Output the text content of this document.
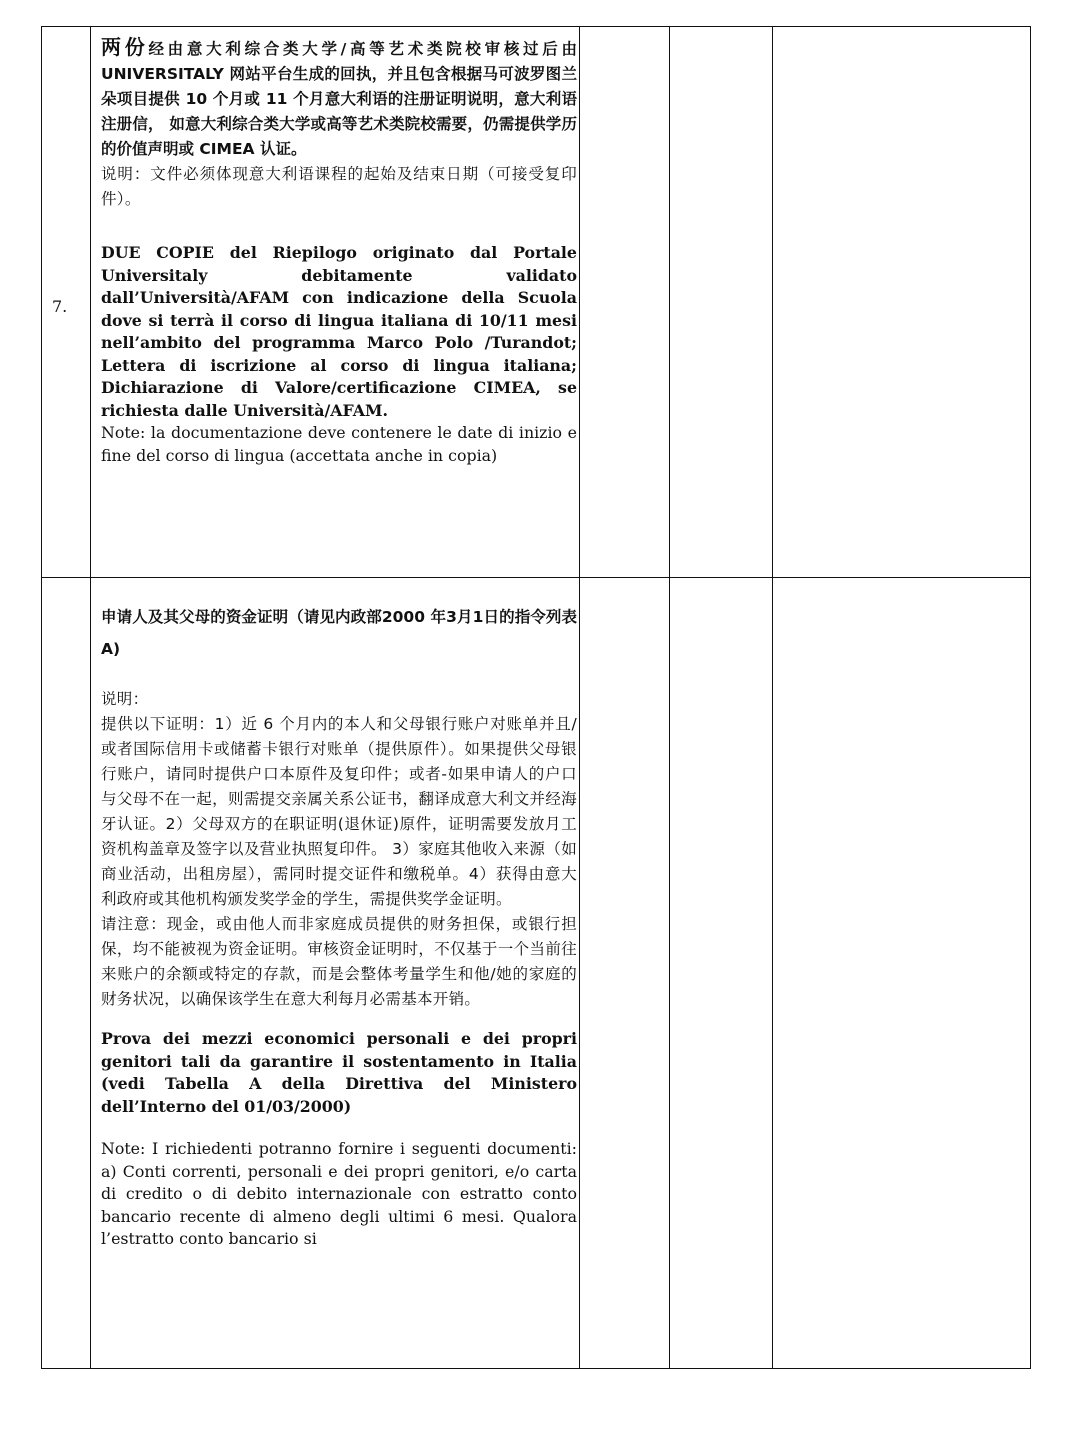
7.

两份经由意大利综合类大学/高等艺术类院校审核过后由 UNIVERSITALY 网站平台生成的回执，并且包含根据马可波罗图兰朵项目提供 10 个月或 11 个月意大利语的注册证明说明，意大利语注册信， 如意大利综合类大学或高等艺术类院校需要，仍需提供学历的价值声明或 CIMEA 认证。

说明：文件必须体现意大利语课程的起始及结束日期（可接受复印件）。

DUE COPIE del Riepilogo originato dal Portale Universitaly debitamente validato dall’Università/AFAM con indicazione della Scuola dove si terrà il corso di lingua italiana di 10/11 mesi nell’ambito del programma Marco Polo /Turandot; Lettera di iscrizione al corso di lingua italiana; Dichiarazione di Valore/certificazione CIMEA, se richiesta dalle Università/AFAM.

Note: la documentazione deve contenere le date di inizio e fine del corso di lingua (accettata anche in copia)

申请人及其父母的资金证明（请见内政部2000 年3月1日的指令列表A)

说明：

提供以下证明：1）近 6 个月内的本人和父母银行账户对账单并且/或者国际信用卡或储蓄卡银行对账单（提供原件）。如果提供父母银行账户，请同时提供户口本原件及复印件；或者-如果申请人的户口与父母不在一起，则需提交亲属关系公证书，翻译成意大利文并经海牙认证。2）父母双方的在职证明(退休证)原件，证明需要发放月工资机构盖章及签字以及营业执照复印件。 3）家庭其他收入来源（如商业活动，出租房屋），需同时提交证件和缴税单。4）获得由意大利政府或其他机构颁发奖学金的学生，需提供奖学金证明。

请注意：现金，或由他人而非家庭成员提供的财务担保，或银行担保，均不能被视为资金证明。审核资金证明时，不仅基于一个当前往来账户的余额或特定的存款，而是会整体考量学生和他/她的家庭的财务状况，以确保该学生在意大利每月必需基本开销。

Prova dei mezzi economici personali e dei propri genitori tali da garantire il sostentamento in Italia (vedi Tabella A della Direttiva del Ministero dell’Interno del 01/03/2000)

Note: I richiedenti potranno fornire i seguenti documenti: a) Conti correnti, personali e dei propri genitori, e/o carta di credito o di debito internazionale con estratto conto bancario recente di almeno degli ultimi 6 mesi. Qualora l’estratto conto bancario si
